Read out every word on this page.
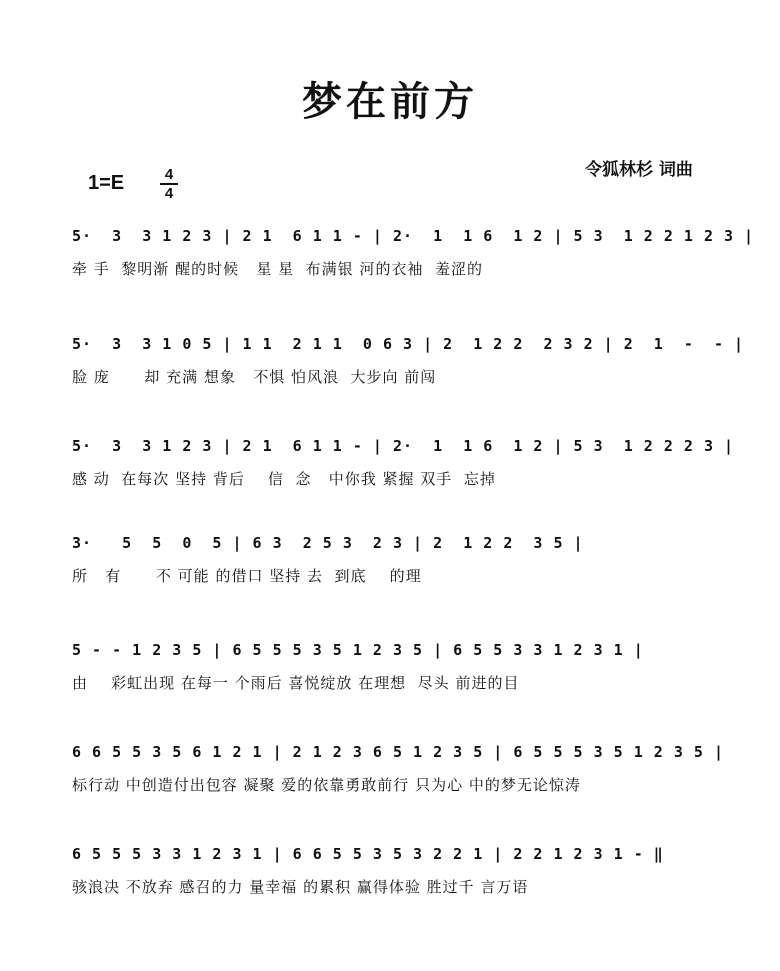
梦在前方
令狐林杉 词曲
1=E	4
4
5·  3  3 1 2 3 | 2 1  6 1 1 - | 2·  1  1 6  1 2 | 5 3  1 2 2 1 2 3 |
牵 手  黎明渐 醒的时候   星 星  布满银 河的衣袖  羞涩的
5·  3  3 1 0 5 | 1 1  2 1 1  0 6 3 | 2  1 2 2  2 3 2 | 2  1  -  - |
脸 庞      却 充满 想象   不惧 怕风浪  大步向 前闯
5·  3  3 1 2 3 | 2 1  6 1 1 - | 2·  1  1 6  1 2 | 5 3  1 2 2 2 3 |
感 动  在每次 坚持 背后    信  念   中你我 紧握 双手  忘掉
3·   5  5  0  5 | 6 3  2 5 3  2 3 | 2  1 2 2  3 5 |
所   有      不 可能 的借口 坚持 去  到底    的理
5 - - 1 2 3 5 | 6 5 5 5 3 5 1 2 3 5 | 6 5 5 3 3 1 2 3 1 |
由    彩虹出现 在每一 个雨后 喜悦绽放 在理想  尽头 前进的目
6 6 5 5 3 5 6 1 2 1 | 2 1 2 3 6 5 1 2 3 5 | 6 5 5 5 3 5 1 2 3 5 |
标行动 中创造付出包容 凝聚 爱的依靠勇敢前行 只为心 中的梦无论惊涛
6 5 5 5 3 3 1 2 3 1 | 6 6 5 5 3 5 3 2 2 1 | 2 2 1 2 3 1 - ‖
骇浪决 不放弃 感召的力 量幸福 的累积 赢得体验 胜过千 言万语
